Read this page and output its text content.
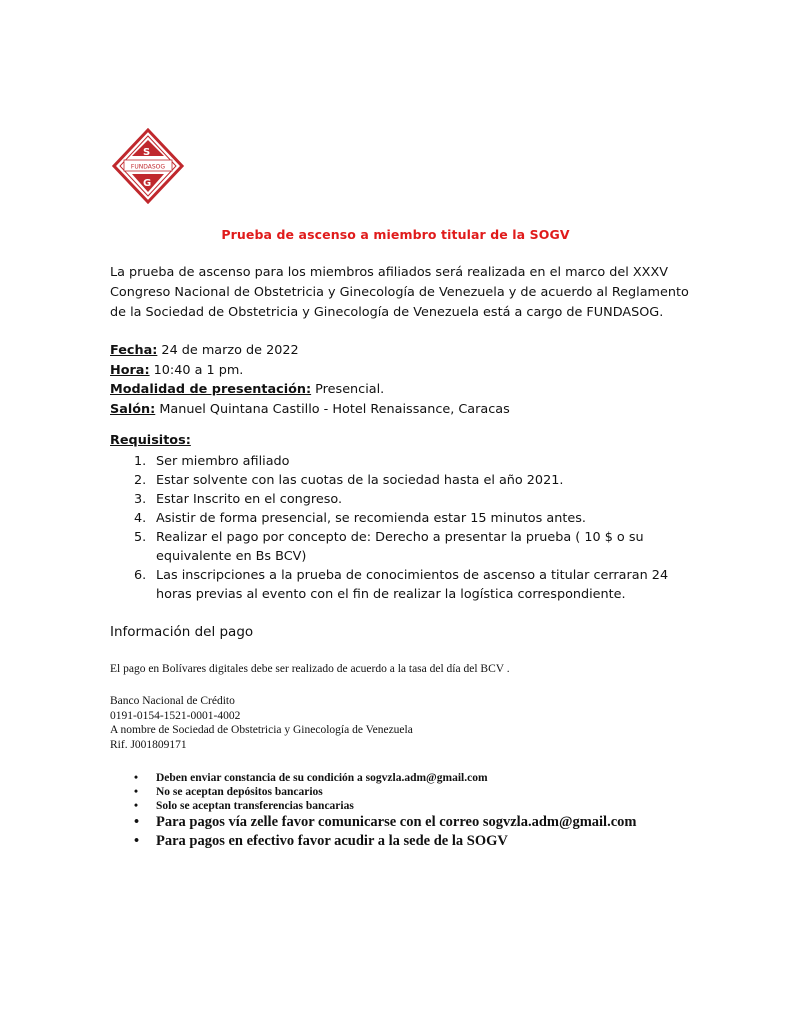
S
FUNDASOG
G
Prueba de ascenso a miembro titular de la SOGV

La prueba de ascenso para los miembros afiliados será realizada en el marco del XXXV

Congreso Nacional de Obstetricia y Ginecología de Venezuela y de acuerdo al Reglamento

de la Sociedad de Obstetricia y Ginecología de Venezuela está a cargo de FUNDASOG.

Fecha: 24 de marzo de 2022
Hora: 10:40 a 1 pm.
Modalidad de presentación: Presencial.
Salón: Manuel Quintana Castillo - Hotel Renaissance, Caracas
Requisitos:
1. Ser miembro afiliado
2. Estar solvente con las cuotas de la sociedad hasta el año 2021.
3. Estar Inscrito en el congreso.
4. Asistir de forma presencial, se recomienda estar 15 minutos antes.
5. Realizar el pago por concepto de: Derecho a presentar la prueba ( 10 $ o su
equivalente en Bs BCV)
6. Las inscripciones a la prueba de conocimientos de ascenso a titular cerraran 24
horas previas al evento con el fin de realizar la logística correspondiente.
Información del pago
El pago en Bolívares digitales debe ser realizado de acuerdo a la tasa del día del BCV .
Banco Nacional de Crédito
0191-0154-1521-0001-4002
A nombre de Sociedad de Obstetricia y Ginecología de Venezuela
Rif. J001809171
• Deben enviar constancia de su condición a sogvzla.adm@gmail.com
• No se aceptan depósitos bancarios
• Solo se aceptan transferencias bancarias
• Para pagos vía zelle favor comunicarse con el correo sogvzla.adm@gmail.com
• Para pagos en efectivo favor acudir a la sede de la SOGV
